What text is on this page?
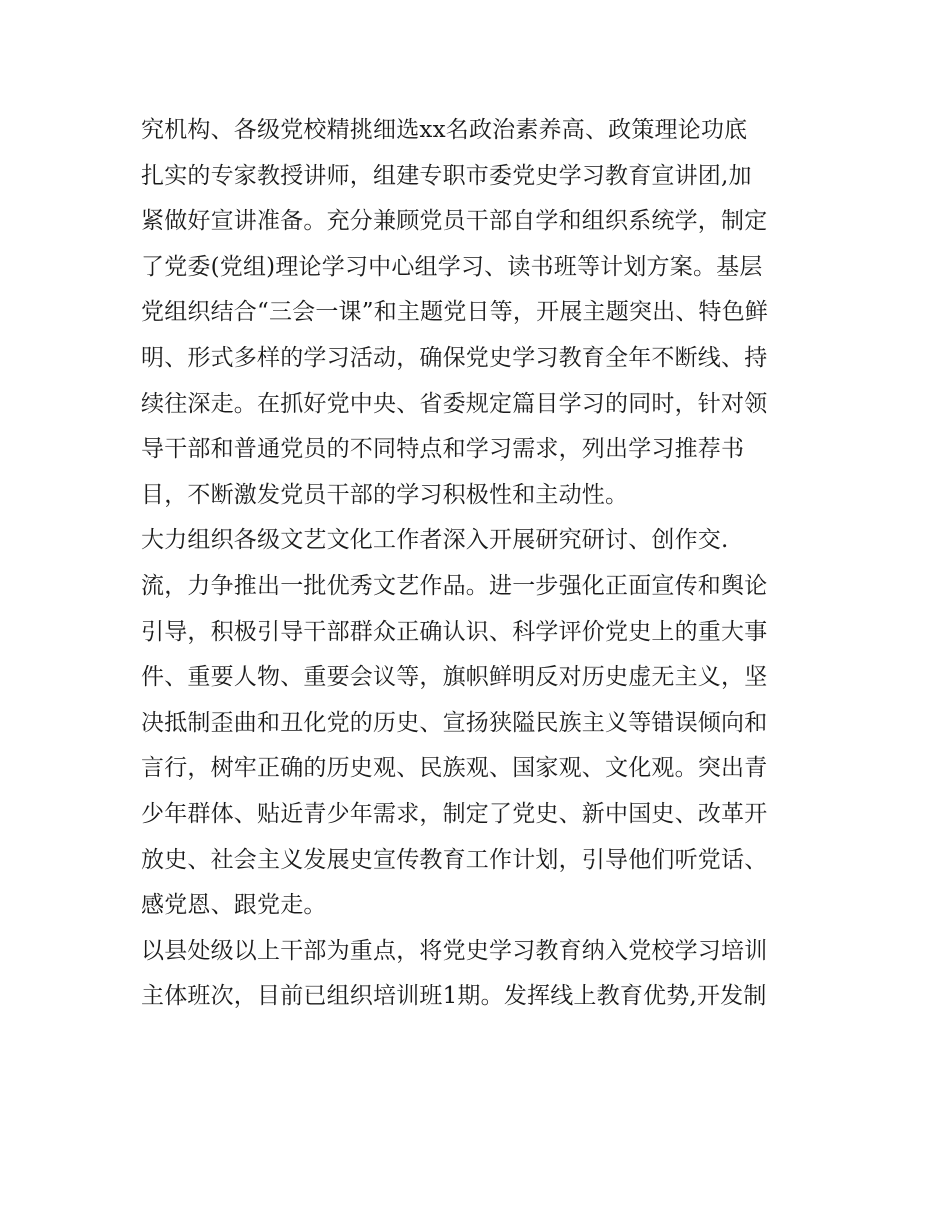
究机构、各级党校精挑细选xx名政治素养高、政策理论功底
扎实的专家教授讲师，组建专职市委党史学习教育宣讲团,加
紧做好宣讲准备。充分兼顾党员干部自学和组织系统学，制定
了党委(党组)理论学习中心组学习、读书班等计划方案。基层
党组织结合“三会一课”和主题党日等，开展主题突出、特色鲜
明、形式多样的学习活动，确保党史学习教育全年不断线、持
续往深走。在抓好党中央、省委规定篇目学习的同时，针对领
导干部和普通党员的不同特点和学习需求，列出学习推荐书
目，不断激发党员干部的学习积极性和主动性。
大力组织各级文艺文化工作者深入开展研究研讨、创作交.
流，力争推出一批优秀文艺作品。进一步强化正面宣传和舆论
引导，积极引导干部群众正确认识、科学评价党史上的重大事
件、重要人物、重要会议等，旗帜鲜明反对历史虚无主义，坚
决抵制歪曲和丑化党的历史、宣扬狭隘民族主义等错误倾向和
言行，树牢正确的历史观、民族观、国家观、文化观。突出青
少年群体、贴近青少年需求，制定了党史、新中国史、改革开
放史、社会主义发展史宣传教育工作计划，引导他们听党话、
感党恩、跟党走。
以县处级以上干部为重点，将党史学习教育纳入党校学习培训
主体班次，目前已组织培训班1期。发挥线上教育优势,开发制
